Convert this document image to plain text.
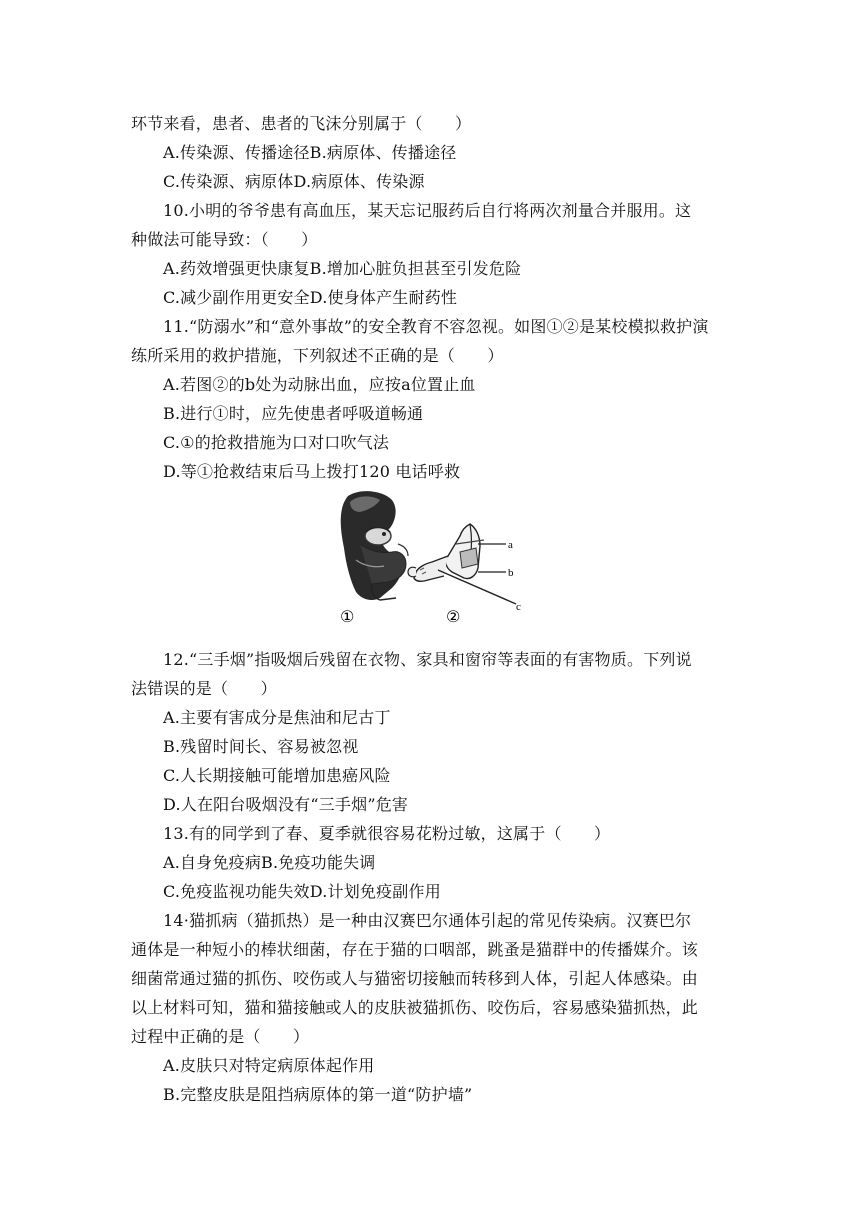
环节来看，患者、患者的飞沫分别属于（　　）
A.传染源、传播途径B.病原体、传播途径
C.传染源、病原体D.病原体、传染源
10.小明的爷爷患有高血压，某天忘记服药后自行将两次剂量合并服用。这
种做法可能导致：（　　）
A.药效增强更快康复B.增加心脏负担甚至引发危险
C.减少副作用更安全D.使身体产生耐药性
11.“防溺水”和“意外事故”的安全教育不容忽视。如图①②是某校模拟救护演
练所采用的救护措施，下列叙述不正确的是（　　）
A.若图②的b处为动脉出血，应按a位置止血
B.进行①时，应先使患者呼吸道畅通
C.①的抢救措施为口对口吹气法
D.等①抢救结束后马上拨打120 电话呼救
12.“三手烟”指吸烟后残留在衣物、家具和窗帘等表面的有害物质。下列说
法错误的是（　　）
A.主要有害成分是焦油和尼古丁
B.残留时间长、容易被忽视
C.人长期接触可能增加患癌风险
D.人在阳台吸烟没有“三手烟”危害
13.有的同学到了春、夏季就很容易花粉过敏，这属于（　　）
A.自身免疫病B.免疫功能失调
C.免疫监视功能失效D.计划免疫副作用
14·猫抓病（猫抓热）是一种由汉赛巴尔通体引起的常见传染病。汉赛巴尔
通体是一种短小的棒状细菌，存在于猫的口咽部，跳蚤是猫群中的传播媒介。该
细菌常通过猫的抓伤、咬伤或人与猫密切接触而转移到人体，引起人体感染。由
以上材料可知，猫和猫接触或人的皮肤被猫抓伤、咬伤后，容易感染猫抓热，此
过程中正确的是（　　）
A.皮肤只对特定病原体起作用
B.完整皮肤是阻挡病原体的第一道“防护墙”
a
b
c
①	②
